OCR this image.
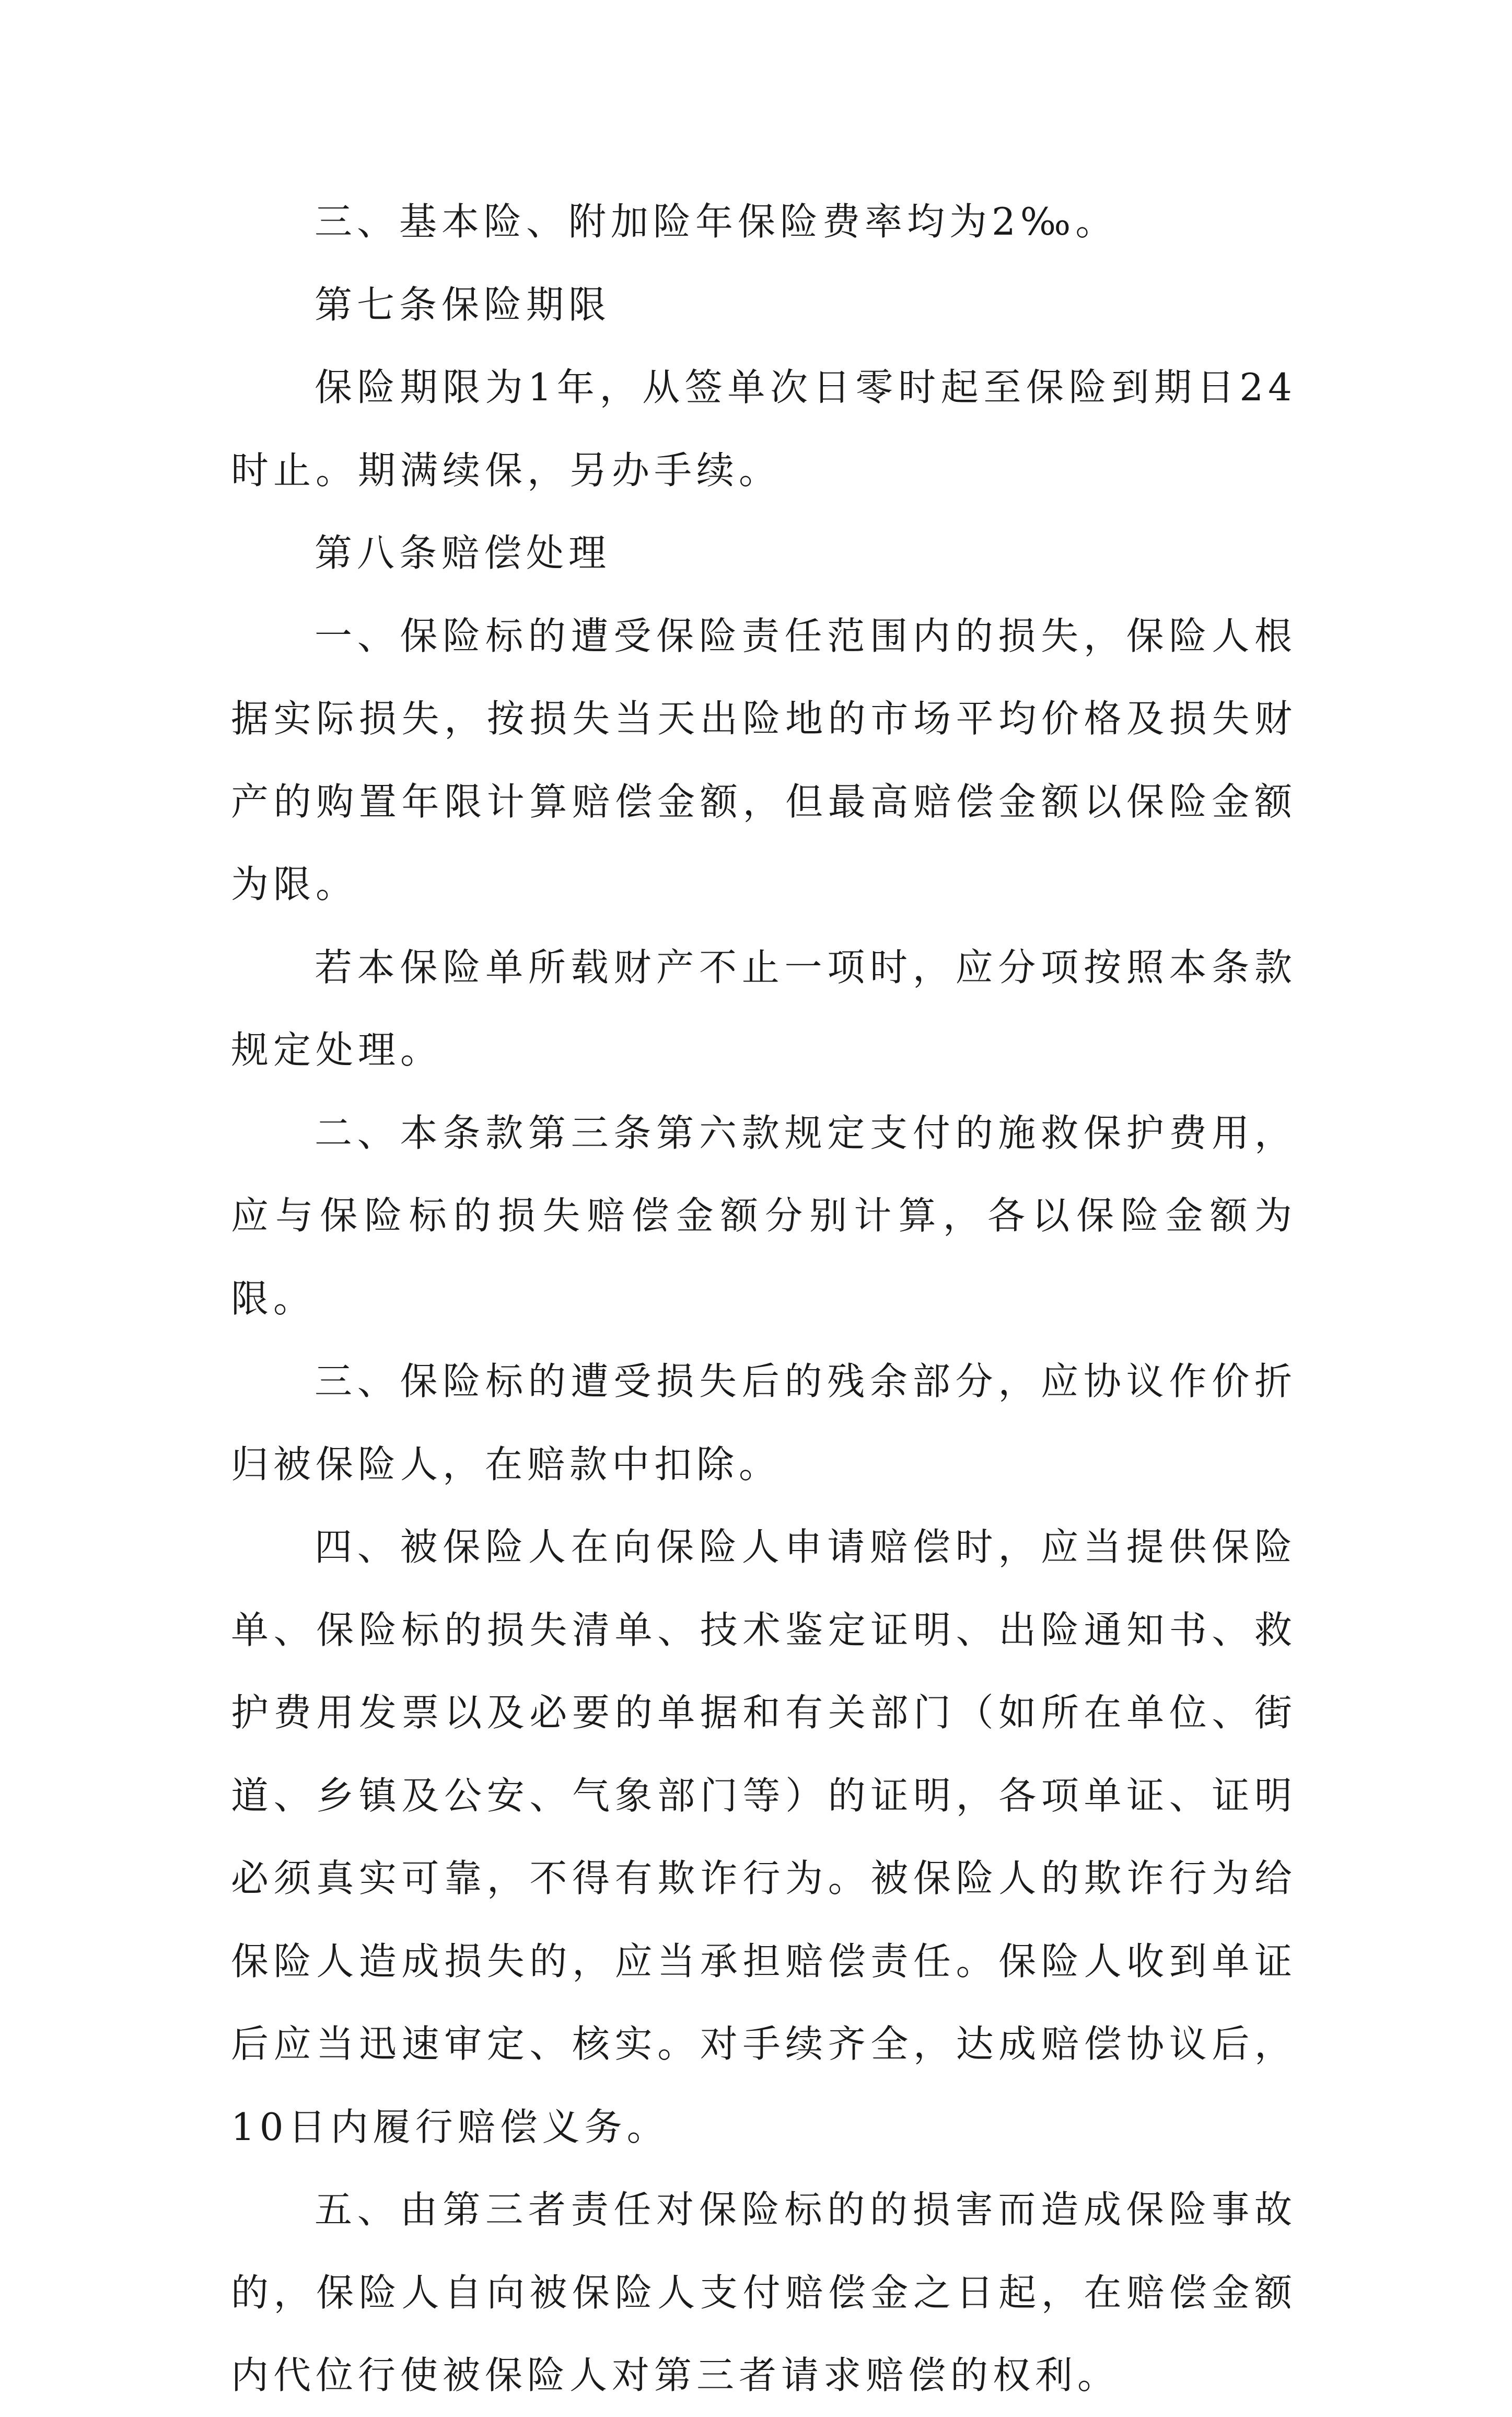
三、基本险、附加险年保险费率均为2‰。

第七条保险期限

保险期限为1年，从签单次日零时起至保险到期日24时止。期满续保，另办手续。

第八条赔偿处理

一、保险标的遭受保险责任范围内的损失，保险人根据实际损失，按损失当天出险地的市场平均价格及损失财产的购置年限计算赔偿金额，但最高赔偿金额以保险金额为限。

若本保险单所载财产不止一项时，应分项按照本条款规定处理。

二、本条款第三条第六款规定支付的施救保护费用，应与保险标的损失赔偿金额分别计算，各以保险金额为限。

三、保险标的遭受损失后的残余部分，应协议作价折归被保险人，在赔款中扣除。

四、被保险人在向保险人申请赔偿时，应当提供保险单、保险标的损失清单、技术鉴定证明、出险通知书、救护费用发票以及必要的单据和有关部门（如所在单位、街道、乡镇及公安、气象部门等）的证明，各项单证、证明必须真实可靠，不得有欺诈行为。被保险人的欺诈行为给保险人造成损失的，应当承担赔偿责任。保险人收到单证后应当迅速审定、核实。对手续齐全，达成赔偿协议后，10日内履行赔偿义务。

五、由第三者责任对保险标的的损害而造成保险事故的，保险人自向被保险人支付赔偿金之日起，在赔偿金额内代位行使被保险人对第三者请求赔偿的权利。
